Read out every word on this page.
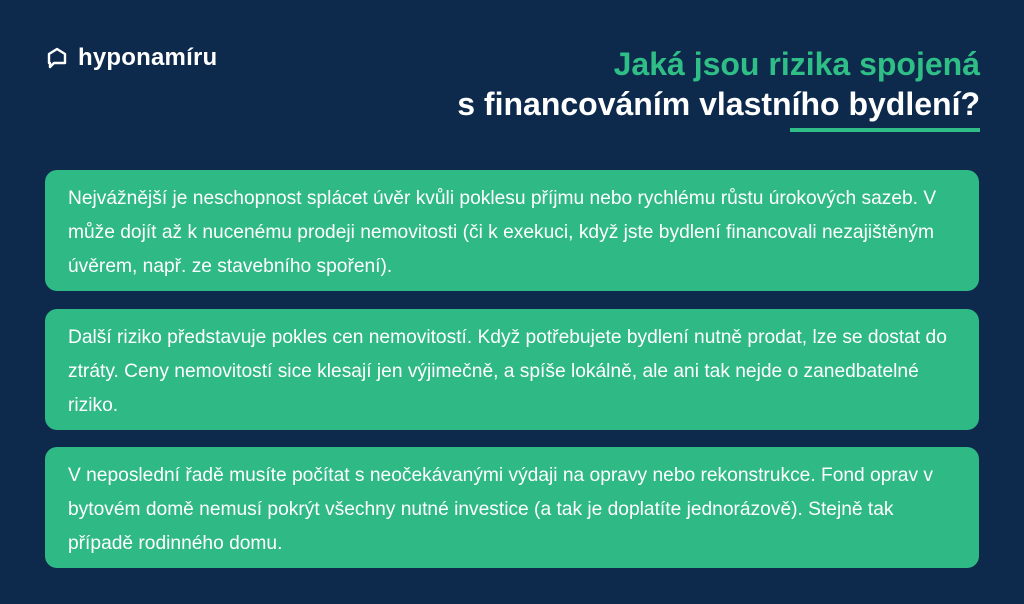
hyponamíru	Jaká jsou rizika spojená
s financováním vlastního bydlení?

Nejvážnější je neschopnost splácet úvěr kvůli poklesu příjmu nebo rychlému růstu úrokových sazeb. V může dojít až k nucenému prodeji nemovitosti (či k exekuci, když jste bydlení financovali nezajištěným úvěrem, např. ze stavebního spoření).

Další riziko představuje pokles cen nemovitostí. Když potřebujete bydlení nutně prodat, lze se dostat do ztráty. Ceny nemovitostí sice klesají jen výjimečně, a spíše lokálně, ale ani tak nejde o zanedbatelné riziko.

V neposlední řadě musíte počítat s neočekávanými výdaji na opravy nebo rekonstrukce. Fond oprav v bytovém domě nemusí pokrýt všechny nutné investice (a tak je doplatíte jednorázově). Stejně tak případě rodinného domu.
